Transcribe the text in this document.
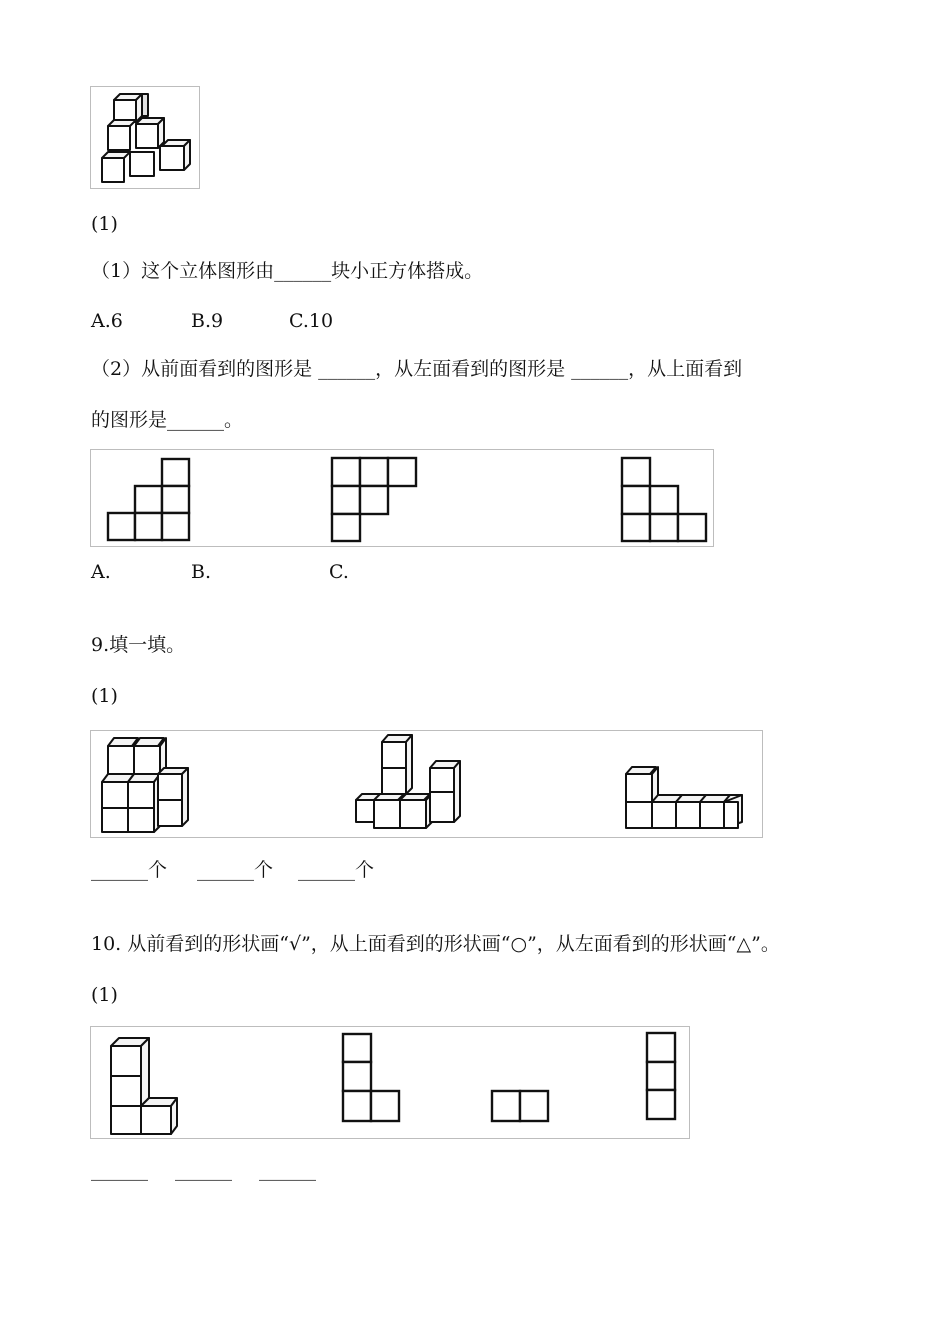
(1)
（1）这个立体图形由______块小正方体搭成。
A.6	B.9	C.10
（2）从前面看到的图形是 ______，从左面看到的图形是 ______，从上面看到
的图形是______。
A.	B.	C.
9.填一填。
(1)
______个 ______个 ______个
10. 从前看到的形状画“√”，从上面看到的形状画“○”，从左面看到的形状画“△”。
(1)
______ ______ ______
